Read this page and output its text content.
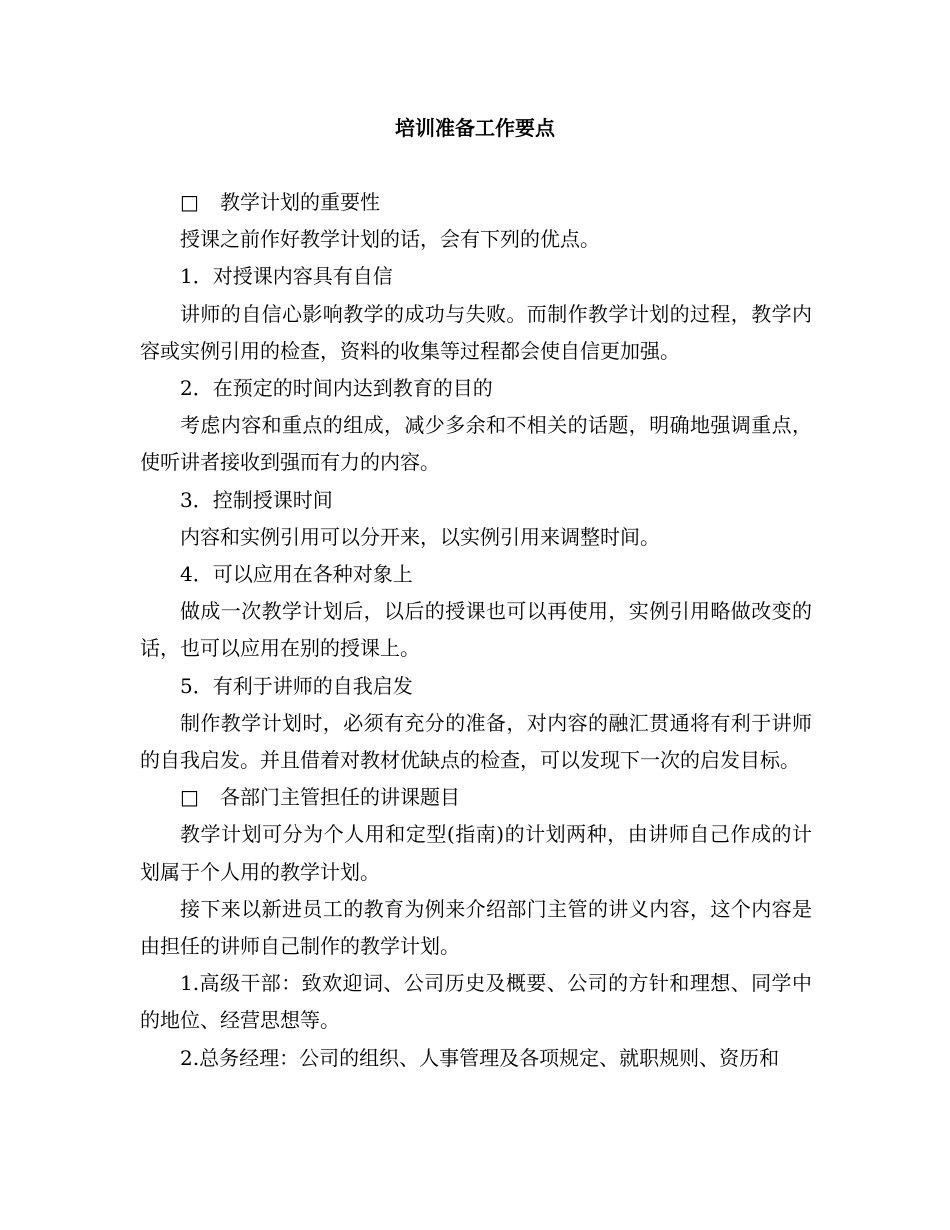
培训准备工作要点
□ 教学计划的重要性

授课之前作好教学计划的话，会有下列的优点。

1．对授课内容具有自信

讲师的自信心影响教学的成功与失败。而制作教学计划的过程，教学内容或实例引用的检查，资料的收集等过程都会使自信更加强。

2．在预定的时间内达到教育的目的

考虑内容和重点的组成，减少多余和不相关的话题，明确地强调重点，使听讲者接收到强而有力的内容。

3．控制授课时间

内容和实例引用可以分开来，以实例引用来调整时间。

4．可以应用在各种对象上

做成一次教学计划后，以后的授课也可以再使用，实例引用略做改变的话，也可以应用在别的授课上。

5．有利于讲师的自我启发

制作教学计划时，必须有充分的准备，对内容的融汇贯通将有利于讲师的自我启发。并且借着对教材优缺点的检查，可以发现下一次的启发目标。

□ 各部门主管担任的讲课题目

教学计划可分为个人用和定型(指南)的计划两种，由讲师自己作成的计划属于个人用的教学计划。

接下来以新进员工的教育为例来介绍部门主管的讲义内容，这个内容是由担任的讲师自己制作的教学计划。

1.高级干部：致欢迎词、公司历史及概要、公司的方针和理想、同学中的地位、经营思想等。

2.总务经理：公司的组织、人事管理及各项规定、就职规则、资历和
